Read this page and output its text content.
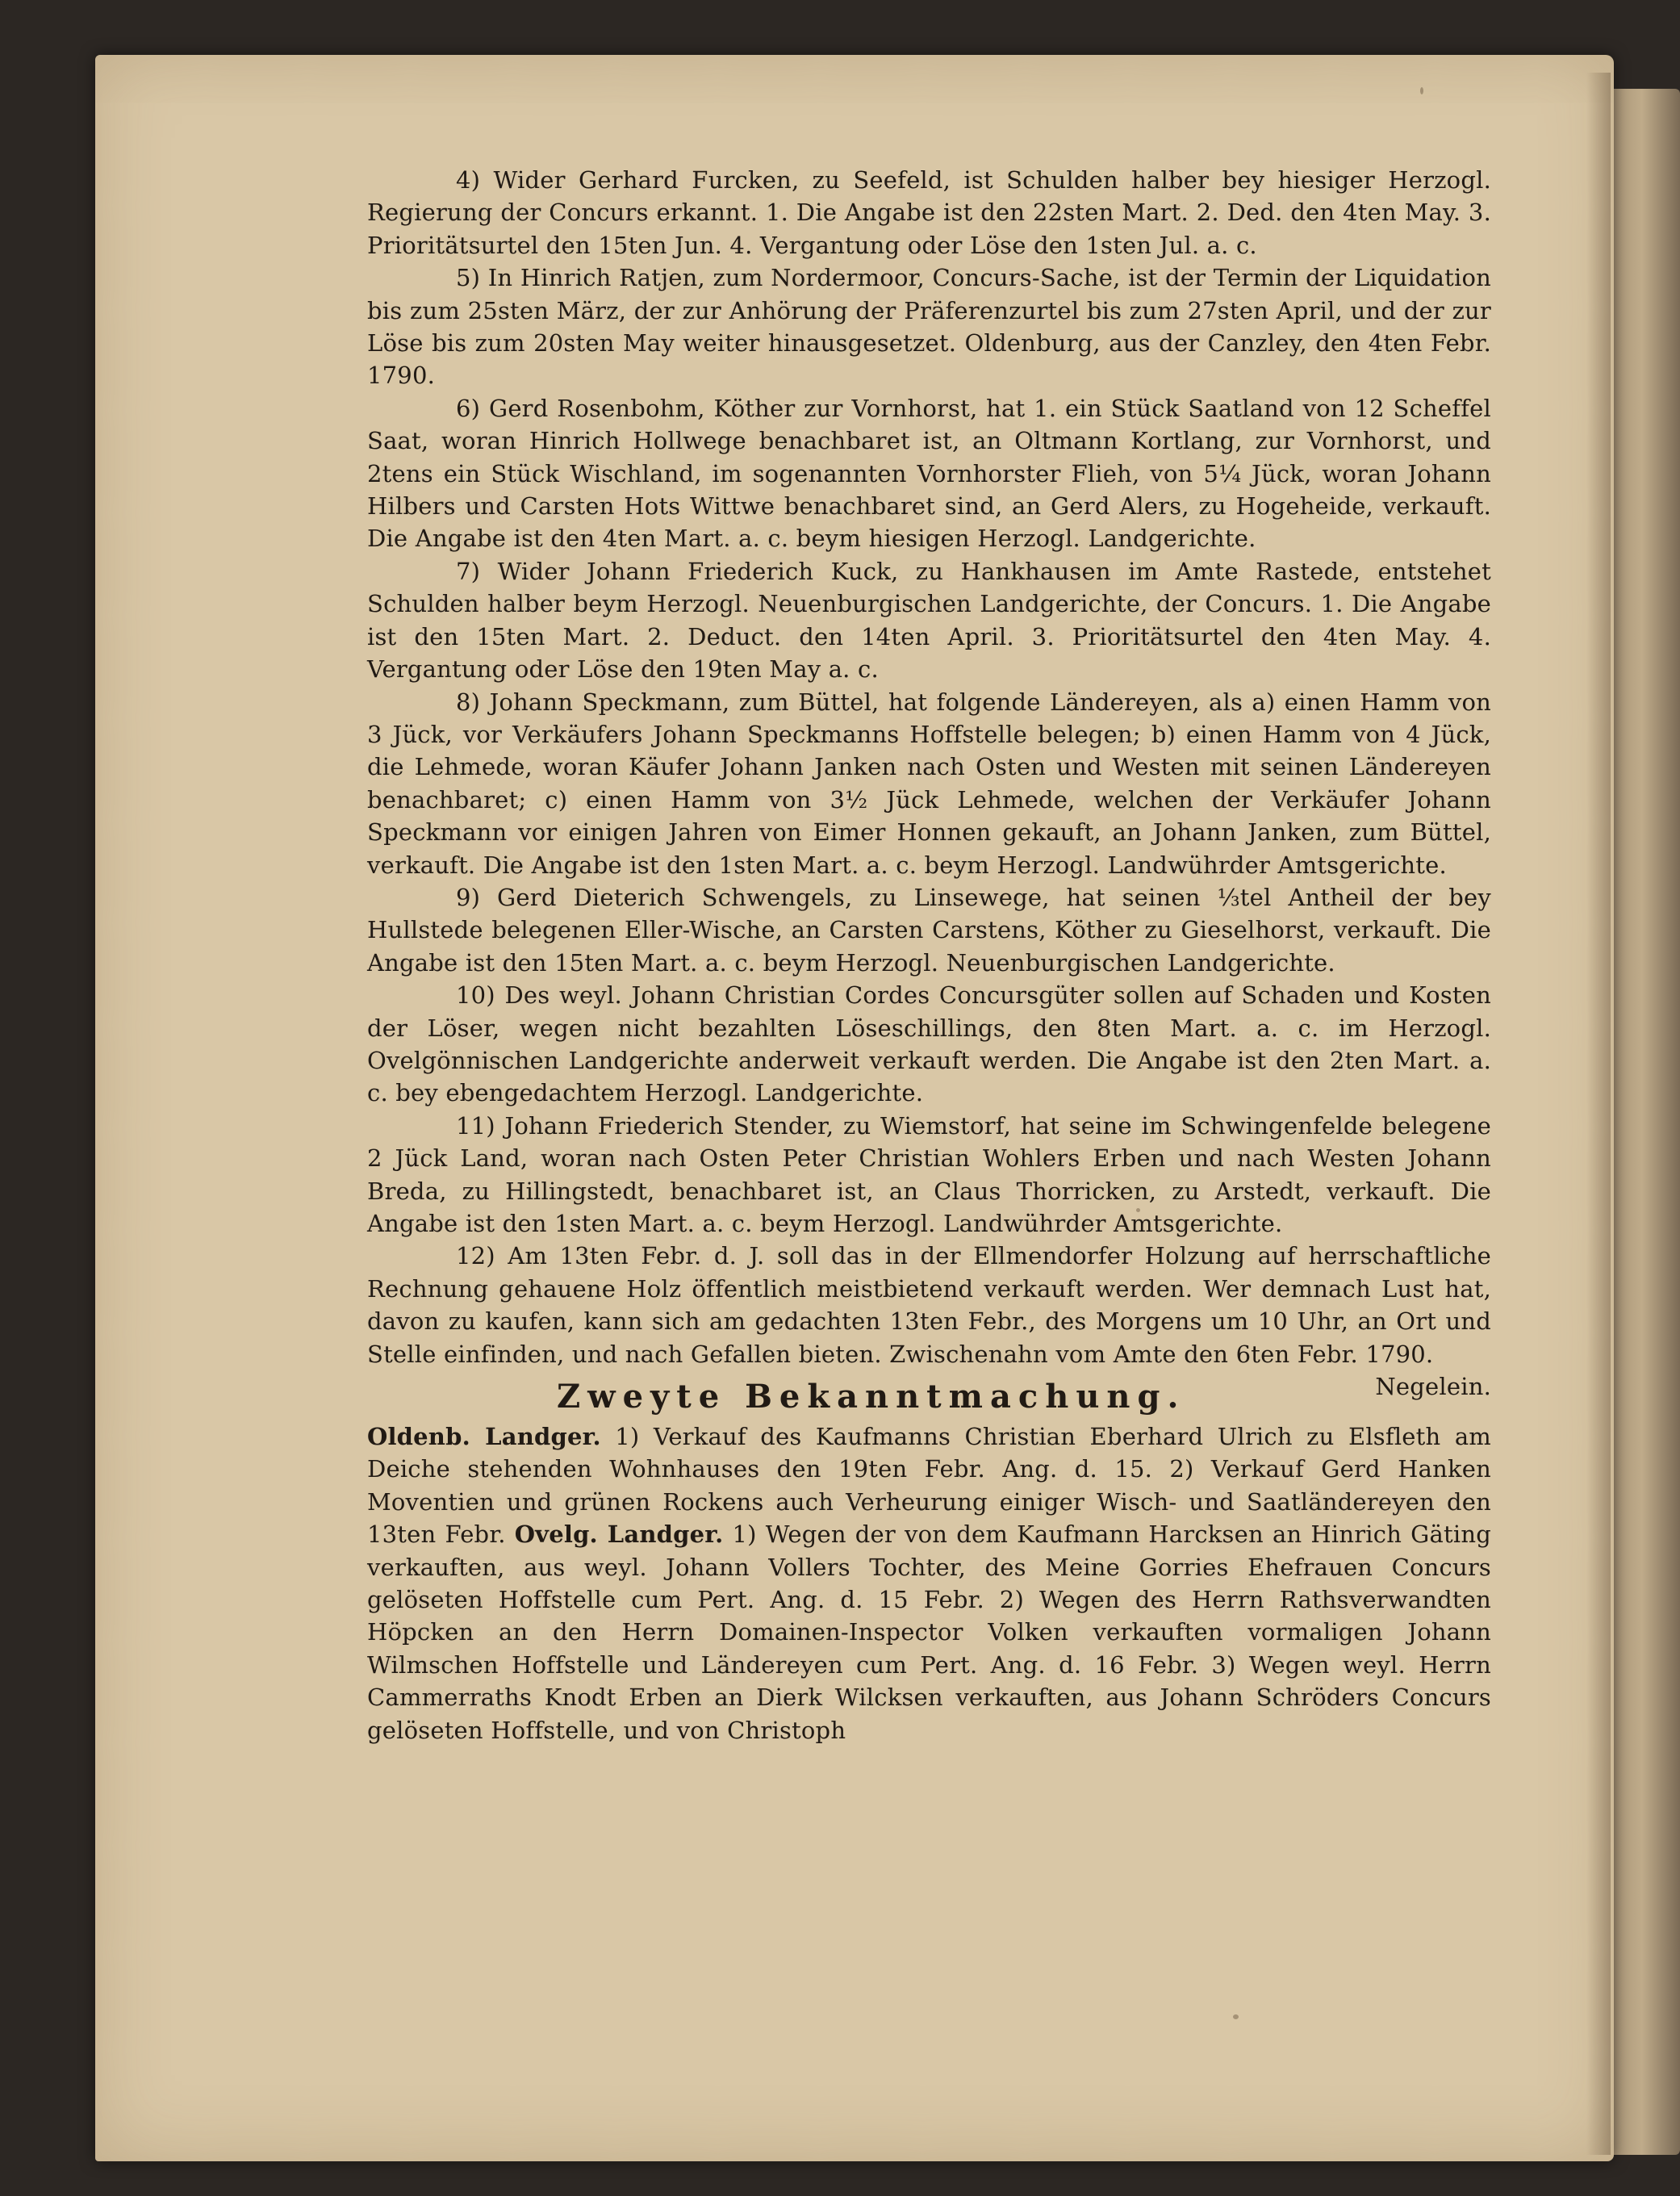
4) Wider Gerhard Furcken, zu Seefeld, ist Schulden halber bey hiesiger Herzogl. Regierung der Concurs erkannt. 1. Die Angabe ist den 22sten Mart. 2. Ded. den 4ten May. 3. Prioritätsurtel den 15ten Jun. 4. Vergantung oder Löse den 1sten Jul. a. c.

5) In Hinrich Ratjen, zum Nordermoor, Concurs-Sache, ist der Termin der Liquidation bis zum 25sten März, der zur Anhörung der Präferenzurtel bis zum 27sten April, und der zur Löse bis zum 20sten May weiter hinausgesetzet. Oldenburg, aus der Canzley, den 4ten Febr. 1790.

6) Gerd Rosenbohm, Köther zur Vornhorst, hat 1. ein Stück Saatland von 12 Scheffel Saat, woran Hinrich Hollwege benachbaret ist, an Oltmann Kortlang, zur Vornhorst, und 2tens ein Stück Wischland, im sogenannten Vornhorster Flieh, von 5¼ Jück, woran Johann Hilbers und Carsten Hots Wittwe benachbaret sind, an Gerd Alers, zu Hogeheide, verkauft. Die Angabe ist den 4ten Mart. a. c. beym hiesigen Herzogl. Landgerichte.

7) Wider Johann Friederich Kuck, zu Hankhausen im Amte Rastede, entstehet Schulden halber beym Herzogl. Neuenburgischen Landgerichte, der Concurs. 1. Die Angabe ist den 15ten Mart. 2. Deduct. den 14ten April. 3. Prioritätsurtel den 4ten May. 4. Vergantung oder Löse den 19ten May a. c.

8) Johann Speckmann, zum Büttel, hat folgende Ländereyen, als a) einen Hamm von 3 Jück, vor Verkäufers Johann Speckmanns Hoffstelle belegen; b) einen Hamm von 4 Jück, die Lehmede, woran Käufer Johann Janken nach Osten und Westen mit seinen Ländereyen benachbaret; c) einen Hamm von 3½ Jück Lehmede, welchen der Verkäufer Johann Speckmann vor einigen Jahren von Eimer Honnen gekauft, an Johann Janken, zum Büttel, verkauft. Die Angabe ist den 1sten Mart. a. c. beym Herzogl. Landwührder Amtsgerichte.

9) Gerd Dieterich Schwengels, zu Linsewege, hat seinen ⅓tel Antheil der bey Hullstede belegenen Eller-Wische, an Carsten Carstens, Köther zu Gieselhorst, verkauft. Die Angabe ist den 15ten Mart. a. c. beym Herzogl. Neuenburgischen Landgerichte.

10) Des weyl. Johann Christian Cordes Concursgüter sollen auf Schaden und Kosten der Löser, wegen nicht bezahlten Löseschillings, den 8ten Mart. a. c. im Herzogl. Ovelgönnischen Landgerichte anderweit verkauft werden. Die Angabe ist den 2ten Mart. a. c. bey ebengedachtem Herzogl. Landgerichte.

11) Johann Friederich Stender, zu Wiemstorf, hat seine im Schwingenfelde belegene 2 Jück Land, woran nach Osten Peter Christian Wohlers Erben und nach Westen Johann Breda, zu Hillingstedt, benachbaret ist, an Claus Thorricken, zu Arstedt, verkauft. Die Angabe ist den 1sten Mart. a. c. beym Herzogl. Landwührder Amtsgerichte.

12) Am 13ten Febr. d. J. soll das in der Ellmendorfer Holzung auf herrschaftliche Rechnung gehauene Holz öffentlich meistbietend verkauft werden. Wer demnach Lust hat, davon zu kaufen, kann sich am gedachten 13ten Febr., des Morgens um 10 Uhr, an Ort und Stelle einfinden, und nach Gefallen bieten. Zwischenahn vom Amte den 6ten Febr. 1790.
Negelein.

Zweyte Bekanntmachung.

Oldenb. Landger. 1) Verkauf des Kaufmanns Christian Eberhard Ulrich zu Elsfleth am Deiche stehenden Wohnhauses den 19ten Febr. Ang. d. 15. 2) Verkauf Gerd Hanken Moventien und grünen Rockens auch Verheurung einiger Wisch- und Saatländereyen den 13ten Febr. Ovelg. Landger. 1) Wegen der von dem Kaufmann Harcksen an Hinrich Gäting verkauften, aus weyl. Johann Vollers Tochter, des Meine Gorries Ehefrauen Concurs gelöseten Hoffstelle cum Pert. Ang. d. 15 Febr. 2) Wegen des Herrn Rathsverwandten Höpcken an den Herrn Domainen-Inspector Volken verkauften vormaligen Johann Wilmschen Hoffstelle und Ländereyen cum Pert. Ang. d. 16 Febr. 3) Wegen weyl. Herrn Cammerraths Knodt Erben an Dierk Wilcksen verkauften, aus Johann Schröders Concurs gelöseten Hoffstelle, und von Christoph
